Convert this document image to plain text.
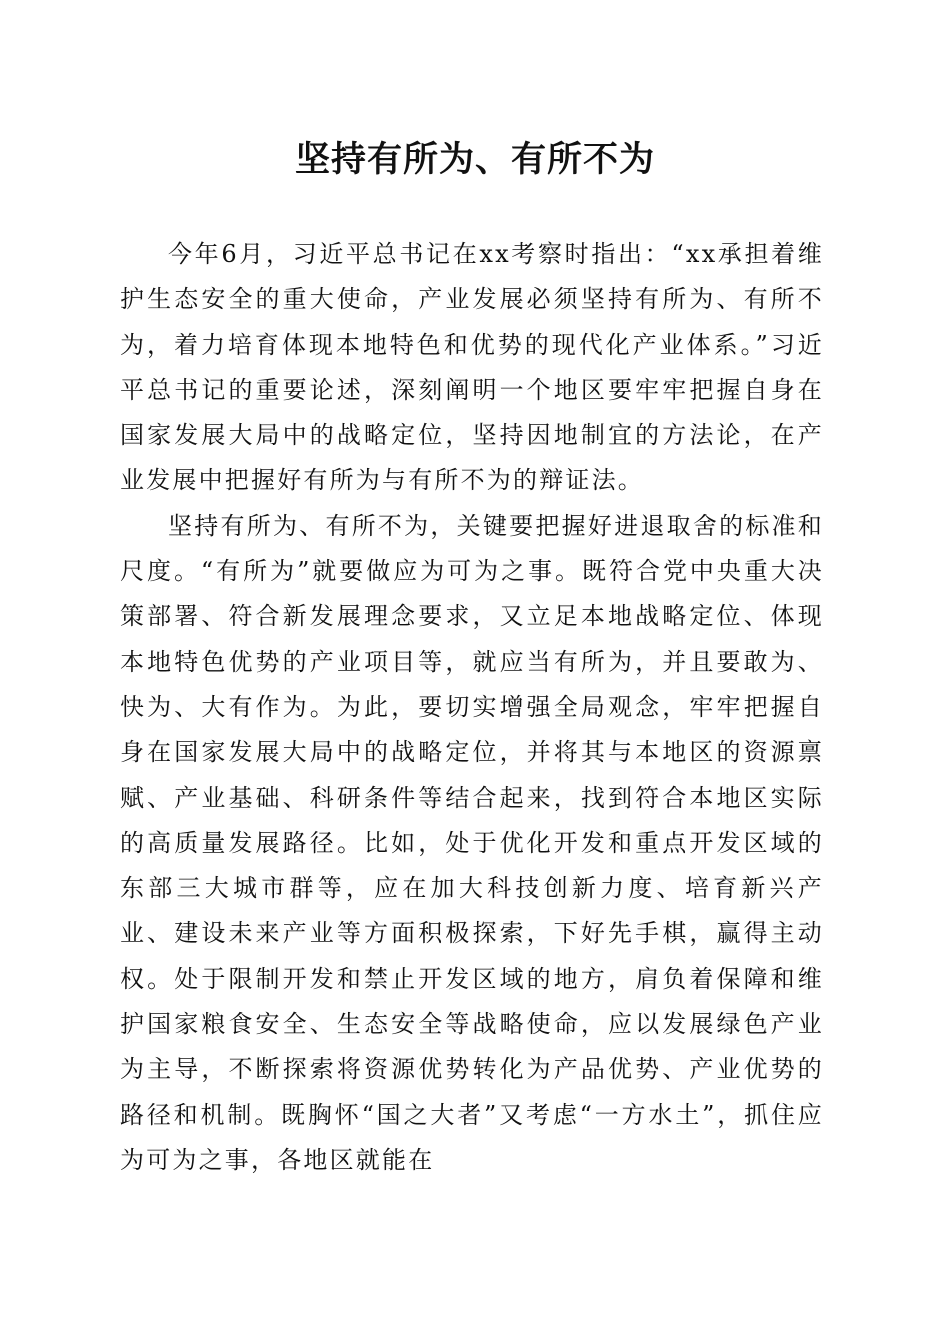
坚持有所为、有所不为

今年6月，习近平总书记在xx考察时指出：“xx承担着维护生态安全的重大使命，产业发展必须坚持有所为、有所不为，着力培育体现本地特色和优势的现代化产业体系。”习近平总书记的重要论述，深刻阐明一个地区要牢牢把握自身在国家发展大局中的战略定位，坚持因地制宜的方法论，在产业发展中把握好有所为与有所不为的辩证法。

坚持有所为、有所不为，关键要把握好进退取舍的标准和尺度。“有所为”就要做应为可为之事。既符合党中央重大决策部署、符合新发展理念要求，又立足本地战略定位、体现本地特色优势的产业项目等，就应当有所为，并且要敢为、快为、大有作为。为此，要切实增强全局观念，牢牢把握自身在国家发展大局中的战略定位，并将其与本地区的资源禀赋、产业基础、科研条件等结合起来，找到符合本地区实际的高质量发展路径。比如，处于优化开发和重点开发区域的东部三大城市群等，应在加大科技创新力度、培育新兴产业、建设未来产业等方面积极探索，下好先手棋，赢得主动权。处于限制开发和禁止开发区域的地方，肩负着保障和维护国家粮食安全、生态安全等战略使命，应以发展绿色产业为主导，不断探索将资源优势转化为产品优势、产业优势的路径和机制。既胸怀“国之大者”又考虑“一方水土”，抓住应为可为之事，各地区就能在
